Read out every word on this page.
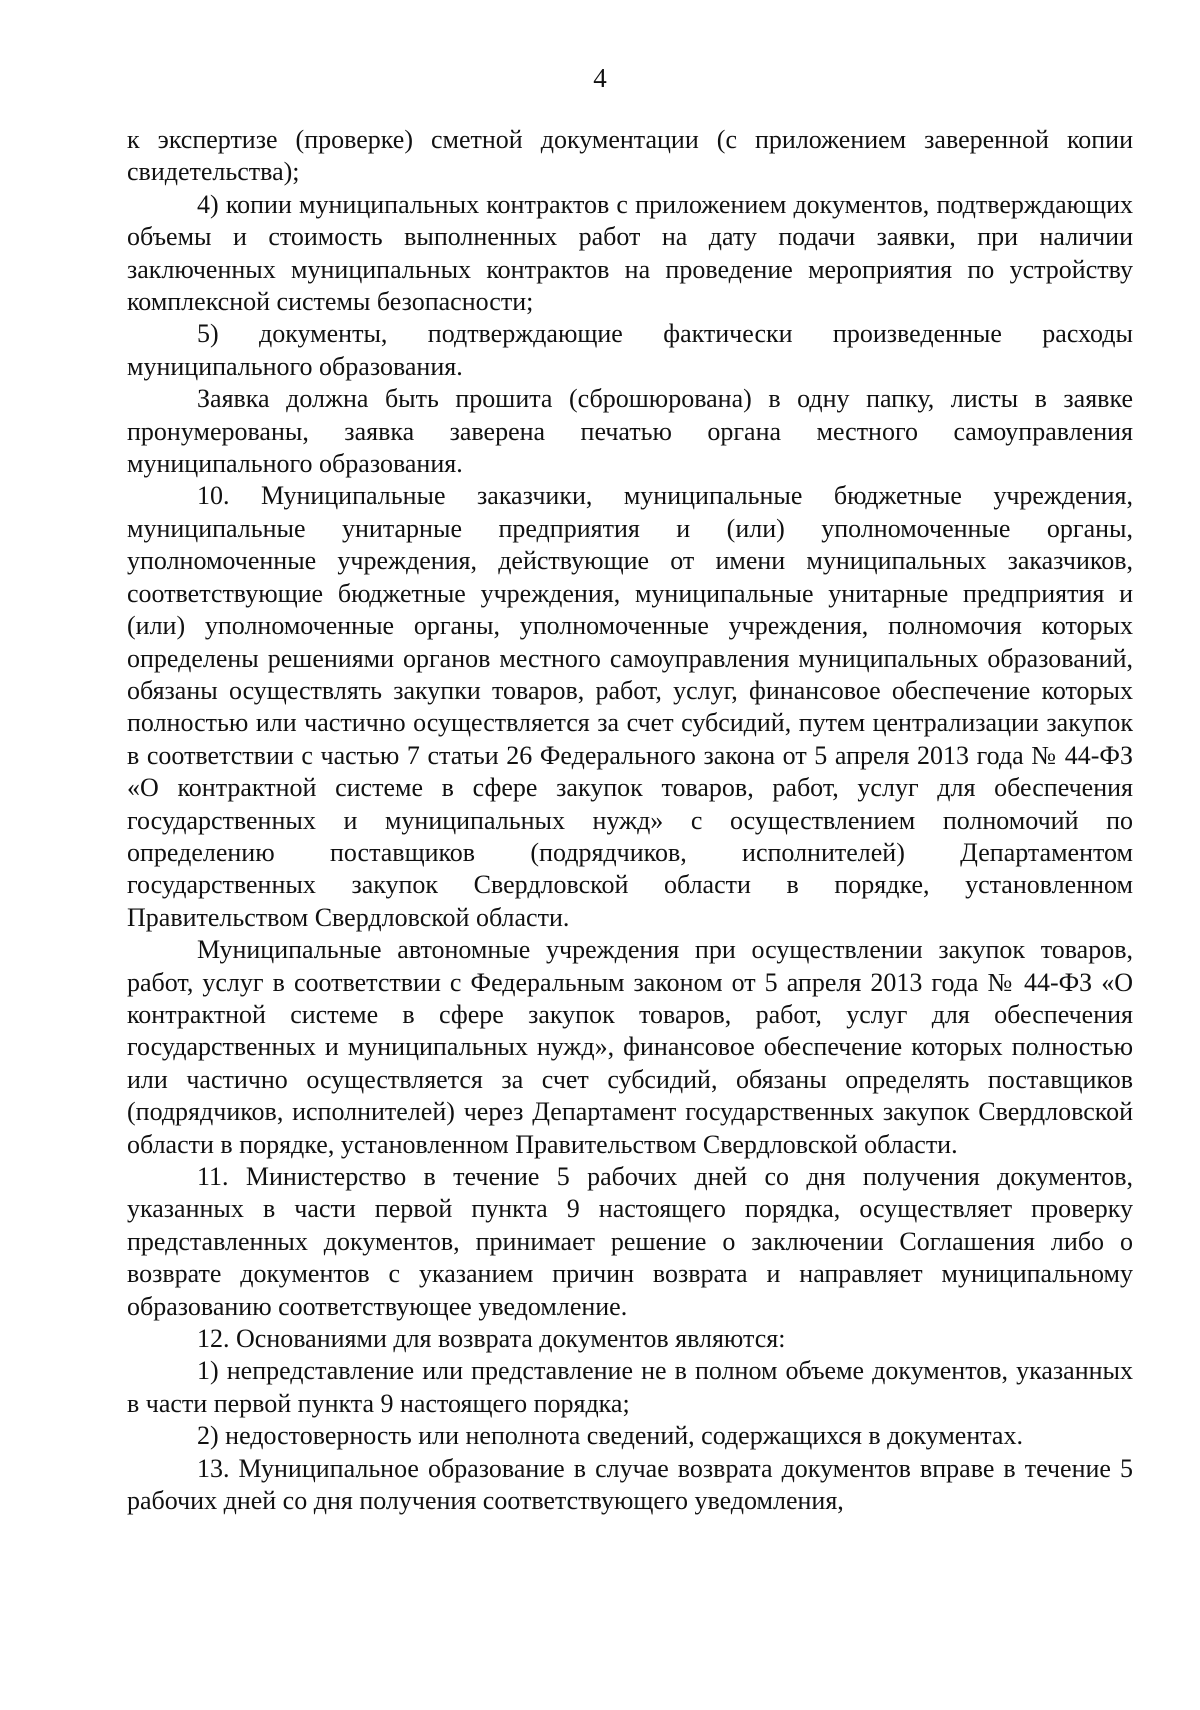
4

к экспертизе (проверке) сметной документации (с приложением заверенной копии свидетельства);

4) копии муниципальных контрактов с приложением документов, подтверждающих объемы и стоимость выполненных работ на дату подачи заявки, при наличии заключенных муниципальных контрактов на проведение мероприятия по устройству комплексной системы безопасности;

5) документы, подтверждающие фактически произведенные расходы муниципального образования.

Заявка должна быть прошита (сброшюрована) в одну папку, листы в заявке пронумерованы, заявка заверена печатью органа местного самоуправления муниципального образования.

10. Муниципальные заказчики, муниципальные бюджетные учреждения, муниципальные унитарные предприятия и (или) уполномоченные органы, уполномоченные учреждения, действующие от имени муниципальных заказчиков, соответствующие бюджетные учреждения, муниципальные унитарные предприятия и (или) уполномоченные органы, уполномоченные учреждения, полномочия которых определены решениями органов местного самоуправления муниципальных образований, обязаны осуществлять закупки товаров, работ, услуг, финансовое обеспечение которых полностью или частично осуществляется за счет субсидий, путем централизации закупок в соответствии с частью 7 статьи 26 Федерального закона от 5 апреля 2013 года № 44-ФЗ «О контрактной системе в сфере закупок товаров, работ, услуг для обеспечения государственных и муниципальных нужд» с осуществлением полномочий по определению поставщиков (подрядчиков, исполнителей) Департаментом государственных закупок Свердловской области в порядке, установленном Правительством Свердловской области.

Муниципальные автономные учреждения при осуществлении закупок товаров, работ, услуг в соответствии с Федеральным законом от 5 апреля 2013 года № 44-ФЗ «О контрактной системе в сфере закупок товаров, работ, услуг для обеспечения государственных и муниципальных нужд», финансовое обеспечение которых полностью или частично осуществляется за счет субсидий, обязаны определять поставщиков (подрядчиков, исполнителей) через Департамент государственных закупок Свердловской области в порядке, установленном Правительством Свердловской области.

11. Министерство в течение 5 рабочих дней со дня получения документов, указанных в части первой пункта 9 настоящего порядка, осуществляет проверку представленных документов, принимает решение о заключении Соглашения либо о возврате документов с указанием причин возврата и направляет муниципальному образованию соответствующее уведомление.

12. Основаниями для возврата документов являются:

1) непредставление или представление не в полном объеме документов, указанных в части первой пункта 9 настоящего порядка;

2) недостоверность или неполнота сведений, содержащихся в документах.

13. Муниципальное образование в случае возврата документов вправе в течение 5 рабочих дней со дня получения соответствующего уведомления,
